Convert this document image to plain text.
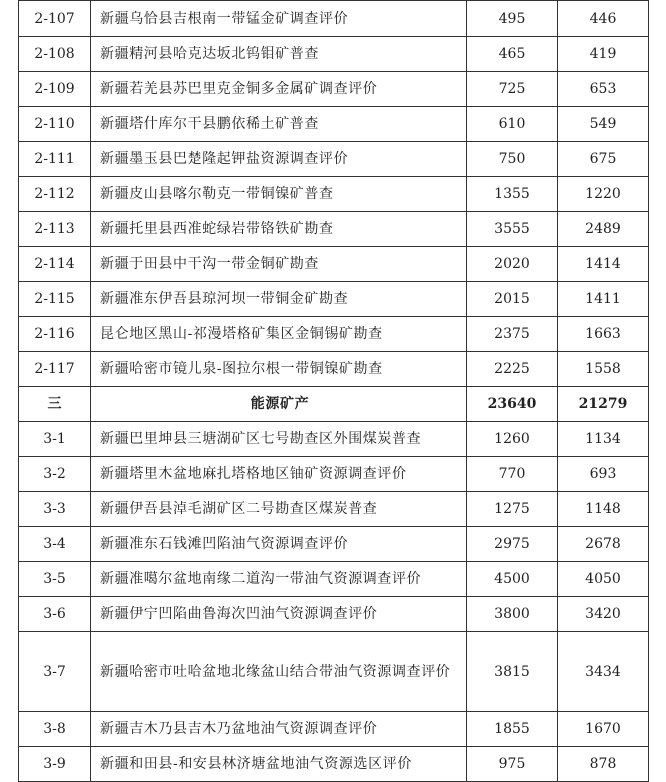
2-107	新疆乌恰县吉根南一带锰金矿调查评价	495	446
2-108	新疆精河县哈克达坂北钨钼矿普查	465	419
2-109	新疆若羌县苏巴里克金铜多金属矿调查评价	725	653
2-110	新疆塔什库尔干县鹏依稀土矿普查	610	549
2-111	新疆墨玉县巴楚隆起钾盐资源调查评价	750	675
2-112	新疆皮山县喀尔勒克一带铜镍矿普查	1355	1220
2-113	新疆托里县西准蛇绿岩带铬铁矿勘查	3555	2489
2-114	新疆于田县中干沟一带金铜矿勘查	2020	1414
2-115	新疆准东伊吾县琼河坝一带铜金矿勘查	2015	1411
2-116	昆仑地区黑山-祁漫塔格矿集区金铜锡矿勘查	2375	1663
2-117	新疆哈密市镜儿泉-图拉尔根一带铜镍矿勘查	2225	1558
三	能源矿产	23640	21279
3-1	新疆巴里坤县三塘湖矿区七号勘查区外围煤炭普查	1260	1134
3-2	新疆塔里木盆地麻扎塔格地区铀矿资源调查评价	770	693
3-3	新疆伊吾县淖毛湖矿区二号勘查区煤炭普查	1275	1148
3-4	新疆准东石钱滩凹陷油气资源调查评价	2975	2678
3-5	新疆准噶尔盆地南缘二道沟一带油气资源调查评价	4500	4050
3-6	新疆伊宁凹陷曲鲁海次凹油气资源调查评价	3800	3420
3-7	新疆哈密市吐哈盆地北缘盆山结合带油气资源调查评价	3815	3434
3-8	新疆吉木乃县吉木乃盆地油气资源调查评价	1855	1670
3-9	新疆和田县-和安县林济塘盆地油气资源选区评价	975	878
